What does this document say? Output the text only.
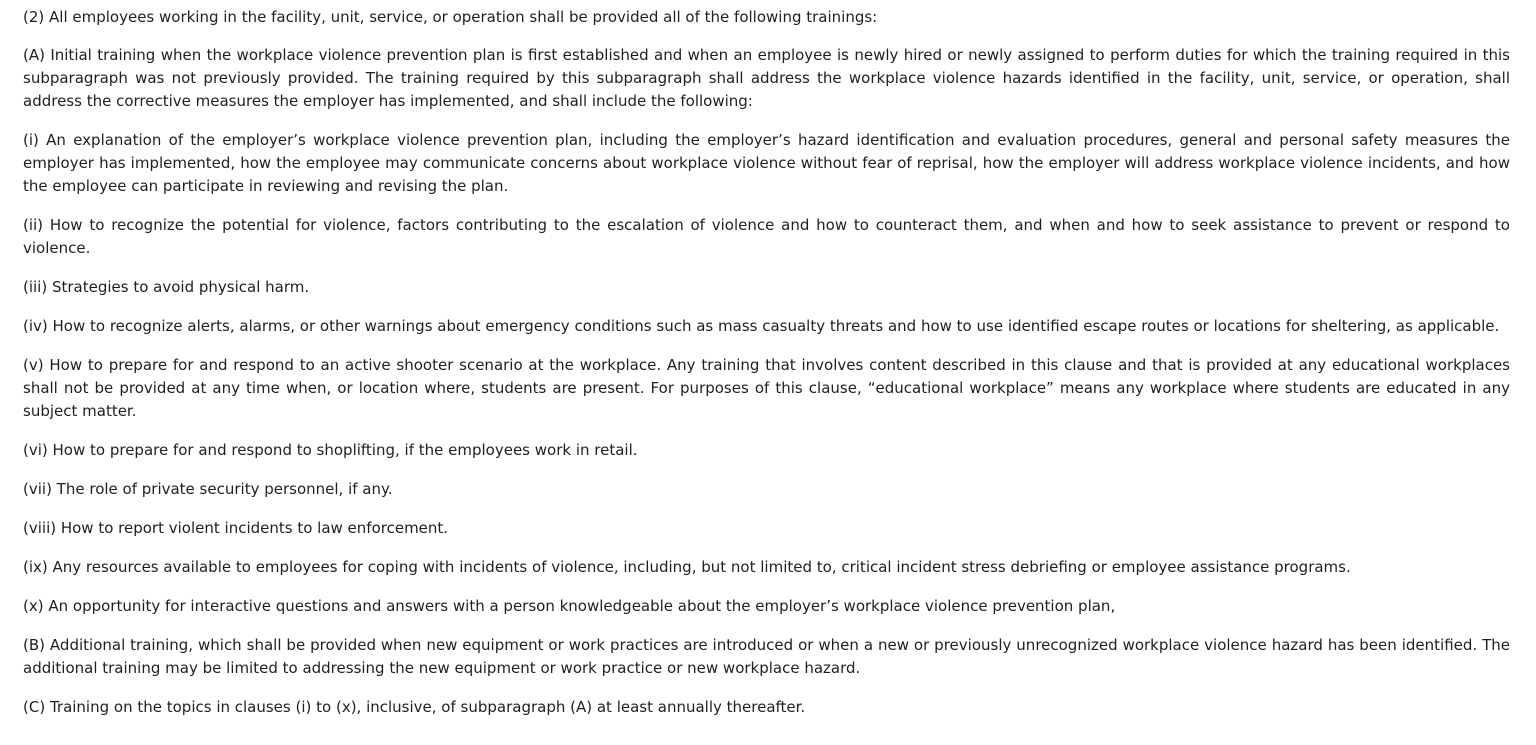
(2) All employees working in the facility, unit, service, or operation shall be provided all of the following trainings:

(A) Initial training when the workplace violence prevention plan is first established and when an employee is newly hired or newly assigned to perform duties for which the training required in this subparagraph was not previously provided. The training required by this subparagraph shall address the workplace violence hazards identified in the facility, unit, service, or operation, shall address the corrective measures the employer has implemented, and shall include the following:

(i) An explanation of the employer’s workplace violence prevention plan, including the employer’s hazard identification and evaluation procedures, general and personal safety measures the employer has implemented, how the employee may communicate concerns about workplace violence without fear of reprisal, how the employer will address workplace violence incidents, and how the employee can participate in reviewing and revising the plan.

(ii) How to recognize the potential for violence, factors contributing to the escalation of violence and how to counteract them, and when and how to seek assistance to prevent or respond to violence.

(iii) Strategies to avoid physical harm.

(iv) How to recognize alerts, alarms, or other warnings about emergency conditions such as mass casualty threats and how to use identified escape routes or locations for sheltering, as applicable.

(v) How to prepare for and respond to an active shooter scenario at the workplace. Any training that involves content described in this clause and that is provided at any educational workplaces shall not be provided at any time when, or location where, students are present. For purposes of this clause, “educational workplace” means any workplace where students are educated in any subject matter.

(vi) How to prepare for and respond to shoplifting, if the employees work in retail.

(vii) The role of private security personnel, if any.

(viii) How to report violent incidents to law enforcement.

(ix) Any resources available to employees for coping with incidents of violence, including, but not limited to, critical incident stress debriefing or employee assistance programs.

(x) An opportunity for interactive questions and answers with a person knowledgeable about the employer’s workplace violence prevention plan,

(B) Additional training, which shall be provided when new equipment or work practices are introduced or when a new or previously unrecognized workplace violence hazard has been identified. The additional training may be limited to addressing the new equipment or work practice or new workplace hazard.

(C) Training on the topics in clauses (i) to (x), inclusive, of subparagraph (A) at least annually thereafter.
